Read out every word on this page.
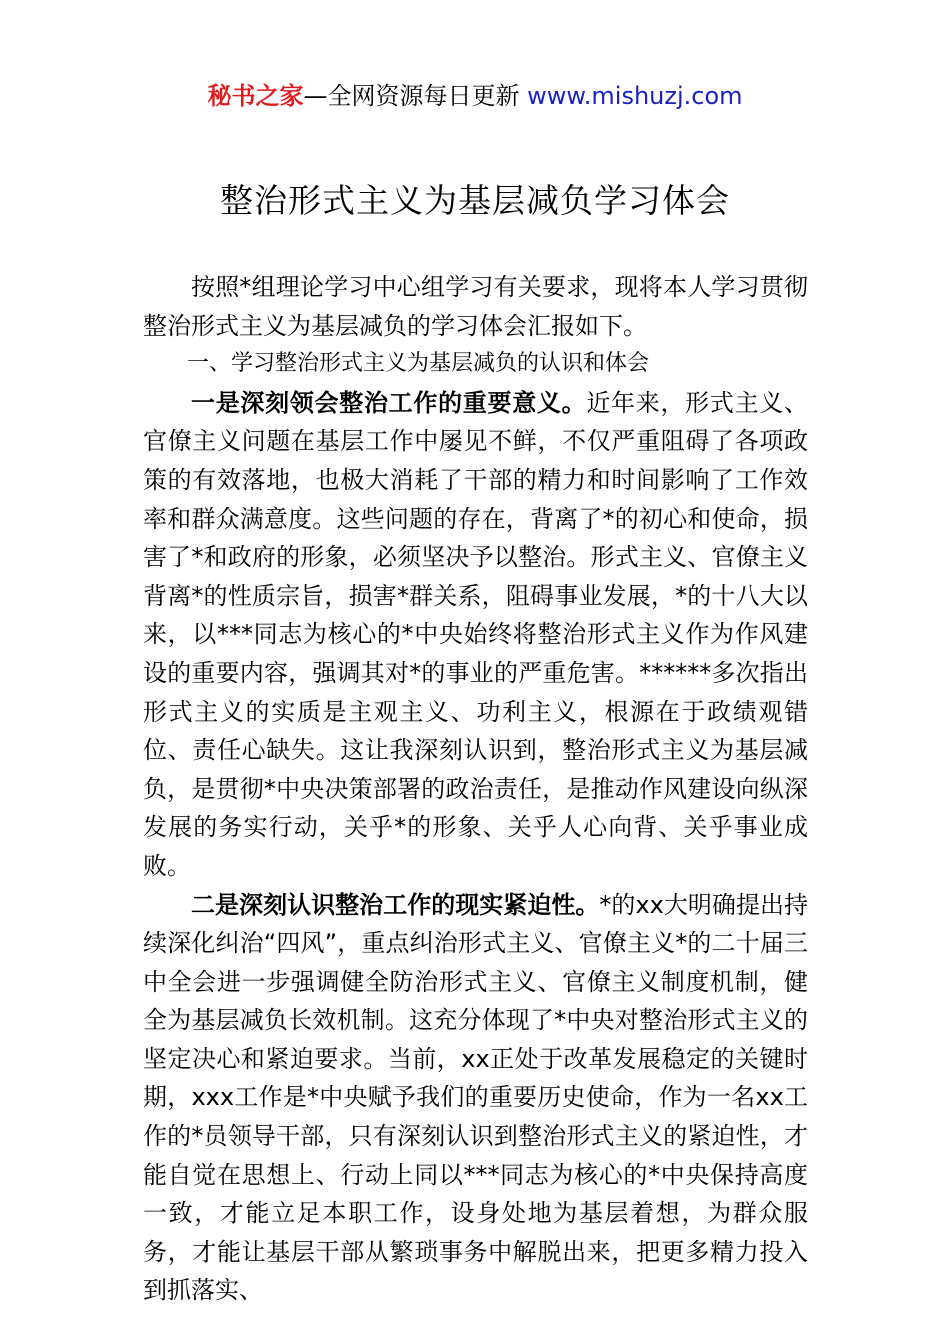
秘书之家—全网资源每日更新 www.mishuzj.com
整治形式主义为基层减负学习体会

按照*组理论学习中心组学习有关要求，现将本人学习贯彻整治形式主义为基层减负的学习体会汇报如下。

一、学习整治形式主义为基层减负的认识和体会

一是深刻领会整治工作的重要意义。近年来，形式主义、官僚主义问题在基层工作中屡见不鲜，不仅严重阻碍了各项政策的有效落地，也极大消耗了干部的精力和时间影响了工作效率和群众满意度。这些问题的存在，背离了*的初心和使命，损害了*和政府的形象，必须坚决予以整治。形式主义、官僚主义背离*的性质宗旨，损害*群关系，阻碍事业发展，*的十八大以来，以***同志为核心的*中央始终将整治形式主义作为作风建设的重要内容，强调其对*的事业的严重危害。******多次指出形式主义的实质是主观主义、功利主义，根源在于政绩观错位、责任心缺失。这让我深刻认识到，整治形式主义为基层减负，是贯彻*中央决策部署的政治责任，是推动作风建设向纵深发展的务实行动，关乎*的形象、关乎人心向背、关乎事业成败。

二是深刻认识整治工作的现实紧迫性。*的xx大明确提出持续深化纠治“四风”，重点纠治形式主义、官僚主义*的二十届三中全会进一步强调健全防治形式主义、官僚主义制度机制，健全为基层减负长效机制。这充分体现了*中央对整治形式主义的坚定决心和紧迫要求。当前，xx正处于改革发展稳定的关键时期，xxx工作是*中央赋予我们的重要历史使命，作为一名xx工作的*员领导干部，只有深刻认识到整治形式主义的紧迫性，才能自觉在思想上、行动上同以***同志为核心的*中央保持高度一致，才能立足本职工作，设身处地为基层着想，为群众服务，才能让基层干部从繁琐事务中解脱出来，把更多精力投入到抓落实、
